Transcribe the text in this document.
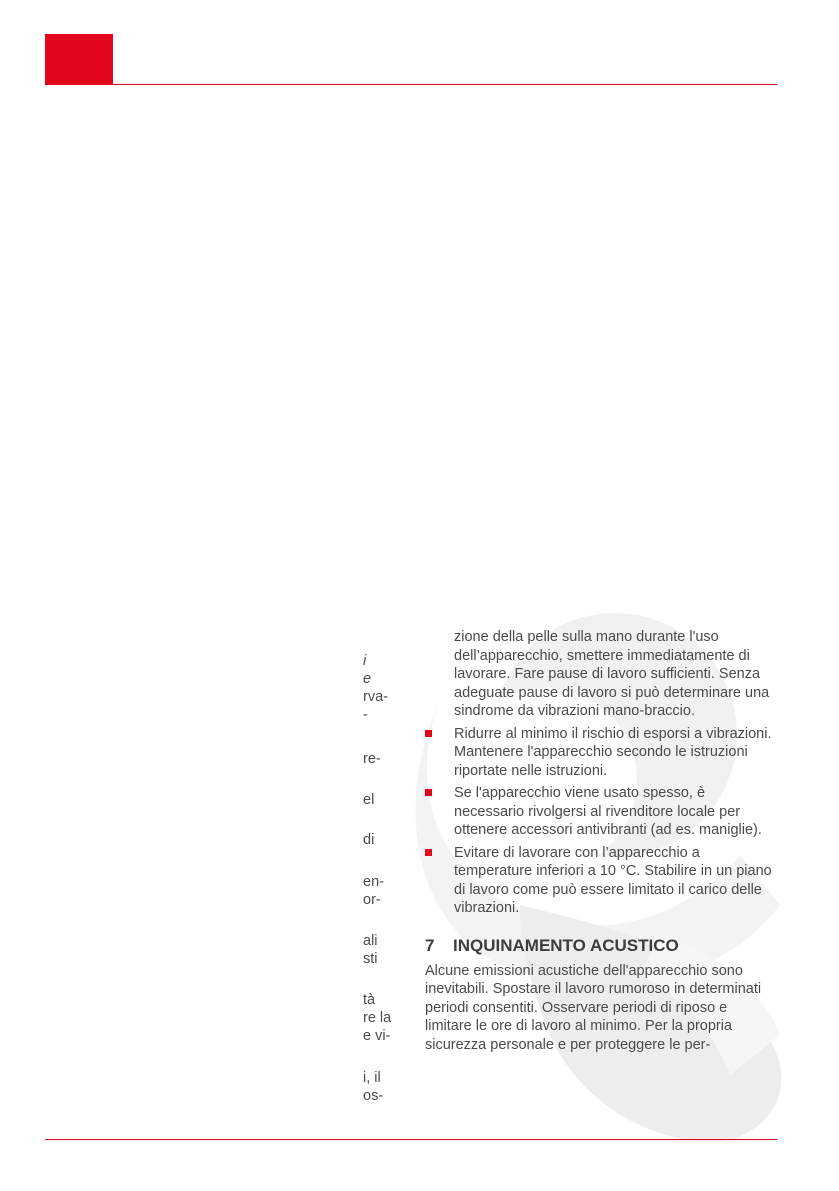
i
e
rva-
-
re-
el
di
en-
or-
ali
sti
tà
re la
e vi-
i, il
os-

zione della pelle sulla mano durante l'uso dell’apparecchio, smettere immediatamente di lavorare. Fare pause di lavoro sufficienti. Senza adeguate pause di lavoro si può determinare una sindrome da vibrazioni mano-braccio.

Ridurre al minimo il rischio di esporsi a vibrazioni. Mantenere l'apparecchio secondo le istruzioni riportate nelle istruzioni.

Se l'apparecchio viene usato spesso, è necessario rivolgersi al rivenditore locale per ottenere accessori antivibranti (ad es. maniglie).

Evitare di lavorare con l’apparecchio a temperature inferiori a 10 °C. Stabilire in un piano di lavoro come può essere limitato il carico delle vibrazioni.

7 INQUINAMENTO ACUSTICO

Alcune emissioni acustiche dell'apparecchio sono inevitabili. Spostare il lavoro rumoroso in determinati periodi consentiti. Osservare periodi di riposo e limitare le ore di lavoro al minimo. Per la propria sicurezza personale e per proteggere le per-
